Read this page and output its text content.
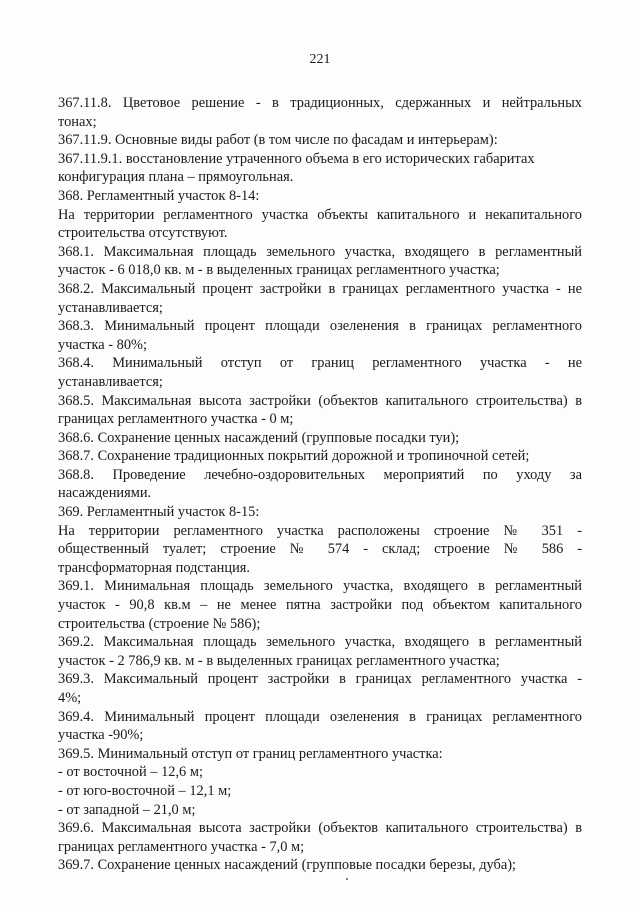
221
367.11.8. Цветовое решение - в традиционных, сдержанных и нейтральных
тонах;
367.11.9. Основные виды работ (в том числе по фасадам и интерьерам):
367.11.9.1. восстановление утраченного объема в его исторических габаритах
конфигурация плана – прямоугольная.
368. Регламентный участок 8-14:
На территории регламентного участка объекты капитального и некапитального
строительства отсутствуют.
368.1. Максимальная площадь земельного участка, входящего в регламентный
участок - 6 018,0 кв. м - в выделенных границах регламентного участка;
368.2. Максимальный процент застройки в границах регламентного участка - не
устанавливается;
368.3. Минимальный процент площади озеленения в границах регламентного
участка - 80%;
368.4. Минимальный отступ от границ регламентного участка - не
устанавливается;
368.5. Максимальная высота застройки (объектов капитального строительства) в
границах регламентного участка - 0 м;
368.6. Сохранение ценных насаждений (групповые посадки туи);
368.7. Сохранение традиционных покрытий дорожной и тропиночной сетей;
368.8. Проведение лечебно-оздоровительных мероприятий по уходу за
насаждениями.
369. Регламентный участок 8-15:
На территории регламентного участка расположены строение № 351 -
общественный туалет; строение № 574 - склад; строение № 586 -
трансформаторная подстанция.
369.1. Минимальная площадь земельного участка, входящего в регламентный
участок - 90,8 кв.м – не менее пятна застройки под объектом капитального
строительства (строение № 586);
369.2. Максимальная площадь земельного участка, входящего в регламентный
участок - 2 786,9 кв. м - в выделенных границах регламентного участка;
369.3. Максимальный процент застройки в границах регламентного участка -
4%;
369.4. Минимальный процент площади озеленения в границах регламентного
участка -90%;
369.5. Минимальный отступ от границ регламентного участка:
- от восточной – 12,6 м;
- от юго-восточной – 12,1 м;
- от западной – 21,0 м;
369.6. Максимальная высота застройки (объектов капитального строительства) в
границах регламентного участка - 7,0 м;
369.7. Сохранение ценных насаждений (групповые посадки березы, дуба);
